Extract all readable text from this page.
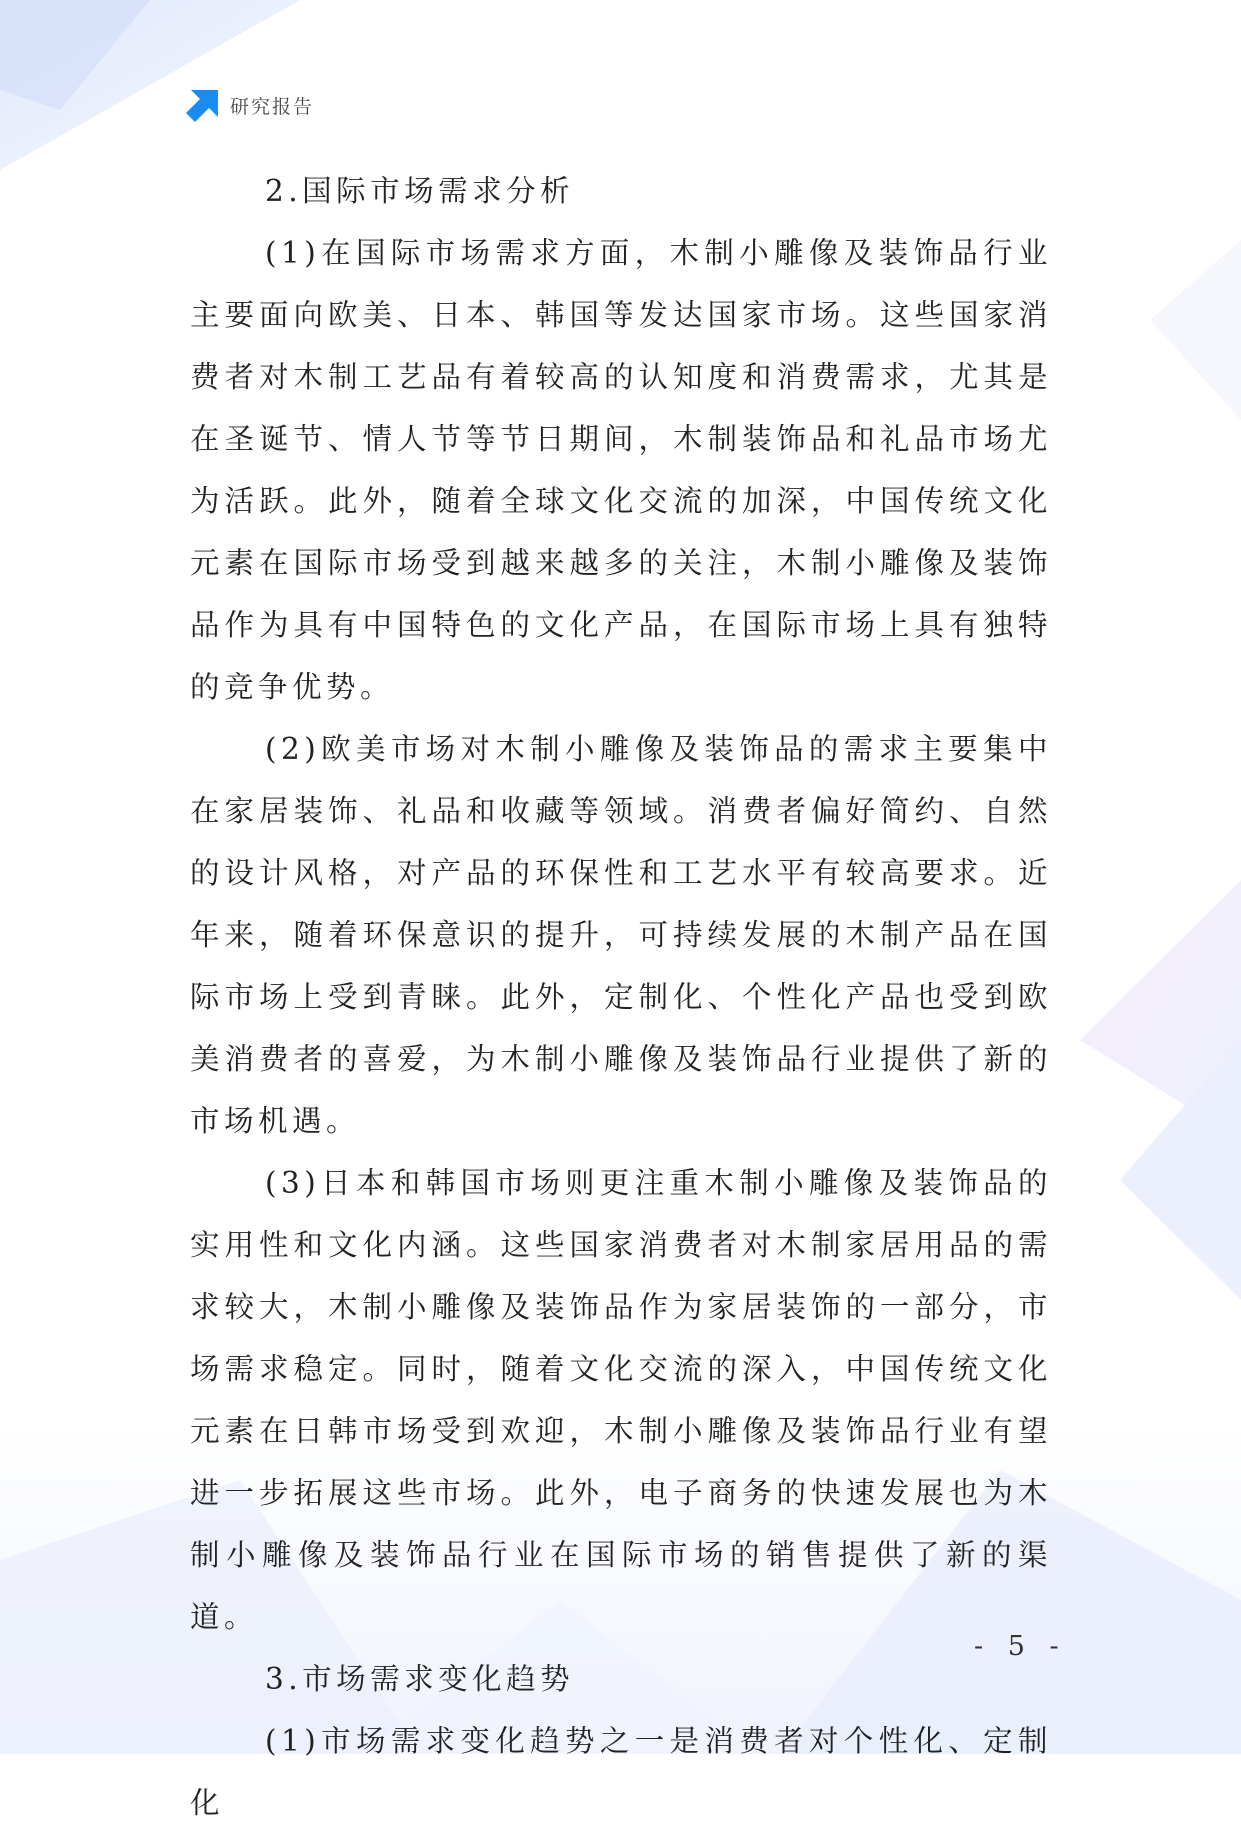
研究报告

2.国际市场需求分析

(1)在国际市场需求方面，木制小雕像及装饰品行业主要面向欧美、日本、韩国等发达国家市场。这些国家消费者对木制工艺品有着较高的认知度和消费需求，尤其是在圣诞节、情人节等节日期间，木制装饰品和礼品市场尤为活跃。此外，随着全球文化交流的加深，中国传统文化元素在国际市场受到越来越多的关注，木制小雕像及装饰品作为具有中国特色的文化产品，在国际市场上具有独特的竞争优势。

(2)欧美市场对木制小雕像及装饰品的需求主要集中在家居装饰、礼品和收藏等领域。消费者偏好简约、自然的设计风格，对产品的环保性和工艺水平有较高要求。近年来，随着环保意识的提升，可持续发展的木制产品在国际市场上受到青睐。此外，定制化、个性化产品也受到欧美消费者的喜爱，为木制小雕像及装饰品行业提供了新的市场机遇。

(3)日本和韩国市场则更注重木制小雕像及装饰品的实用性和文化内涵。这些国家消费者对木制家居用品的需求较大，木制小雕像及装饰品作为家居装饰的一部分，市场需求稳定。同时，随着文化交流的深入，中国传统文化元素在日韩市场受到欢迎，木制小雕像及装饰品行业有望进一步拓展这些市场。此外，电子商务的快速发展也为木制小雕像及装饰品行业在国际市场的销售提供了新的渠道。

3.市场需求变化趋势

(1)市场需求变化趋势之一是消费者对个性化、定制化

- 5 -
